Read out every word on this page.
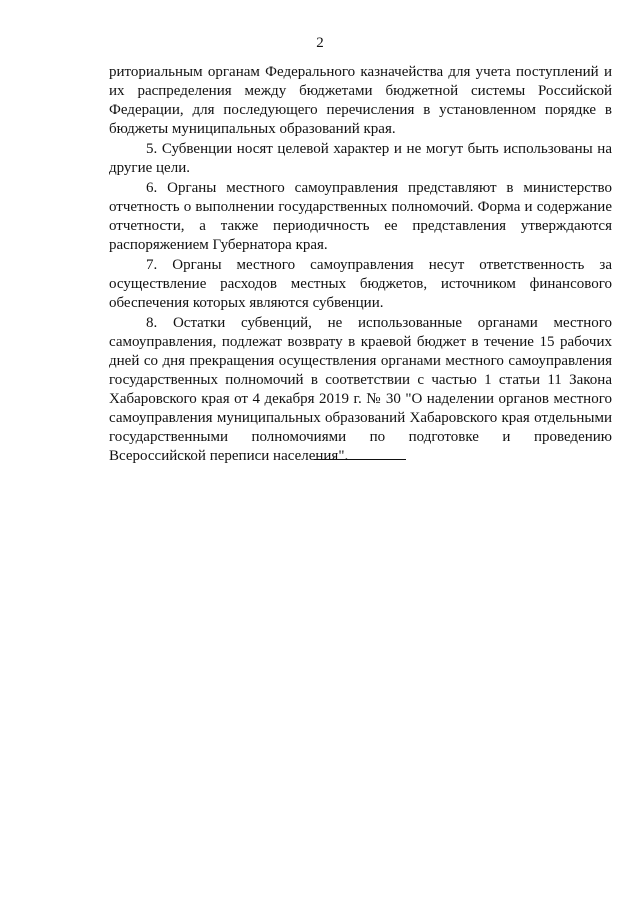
2

риториальным органам Федерального казначейства для учета поступлений и их распределения между бюджетами бюджетной системы Российской Федерации, для последующего перечисления в установленном порядке в бюджеты муниципальных образований края.

5. Субвенции носят целевой характер и не могут быть использованы на другие цели.

6. Органы местного самоуправления представляют в министерство отчетность о выполнении государственных полномочий. Форма и содержание отчетности, а также периодичность ее представления утверждаются распоряжением Губернатора края.

7. Органы местного самоуправления несут ответственность за осуществление расходов местных бюджетов, источником финансового обеспечения которых являются субвенции.

8. Остатки субвенций, не использованные органами местного самоуправления, подлежат возврату в краевой бюджет в течение 15 рабочих дней со дня прекращения осуществления органами местного самоуправления государственных полномочий в соответствии с частью 1 статьи 11 Закона Хабаровского края от 4 декабря 2019 г. № 30 "О наделении органов местного самоуправления муниципальных образований Хабаровского края отдельными государственными полномочиями по подготовке и проведению Всероссийской переписи населения".
